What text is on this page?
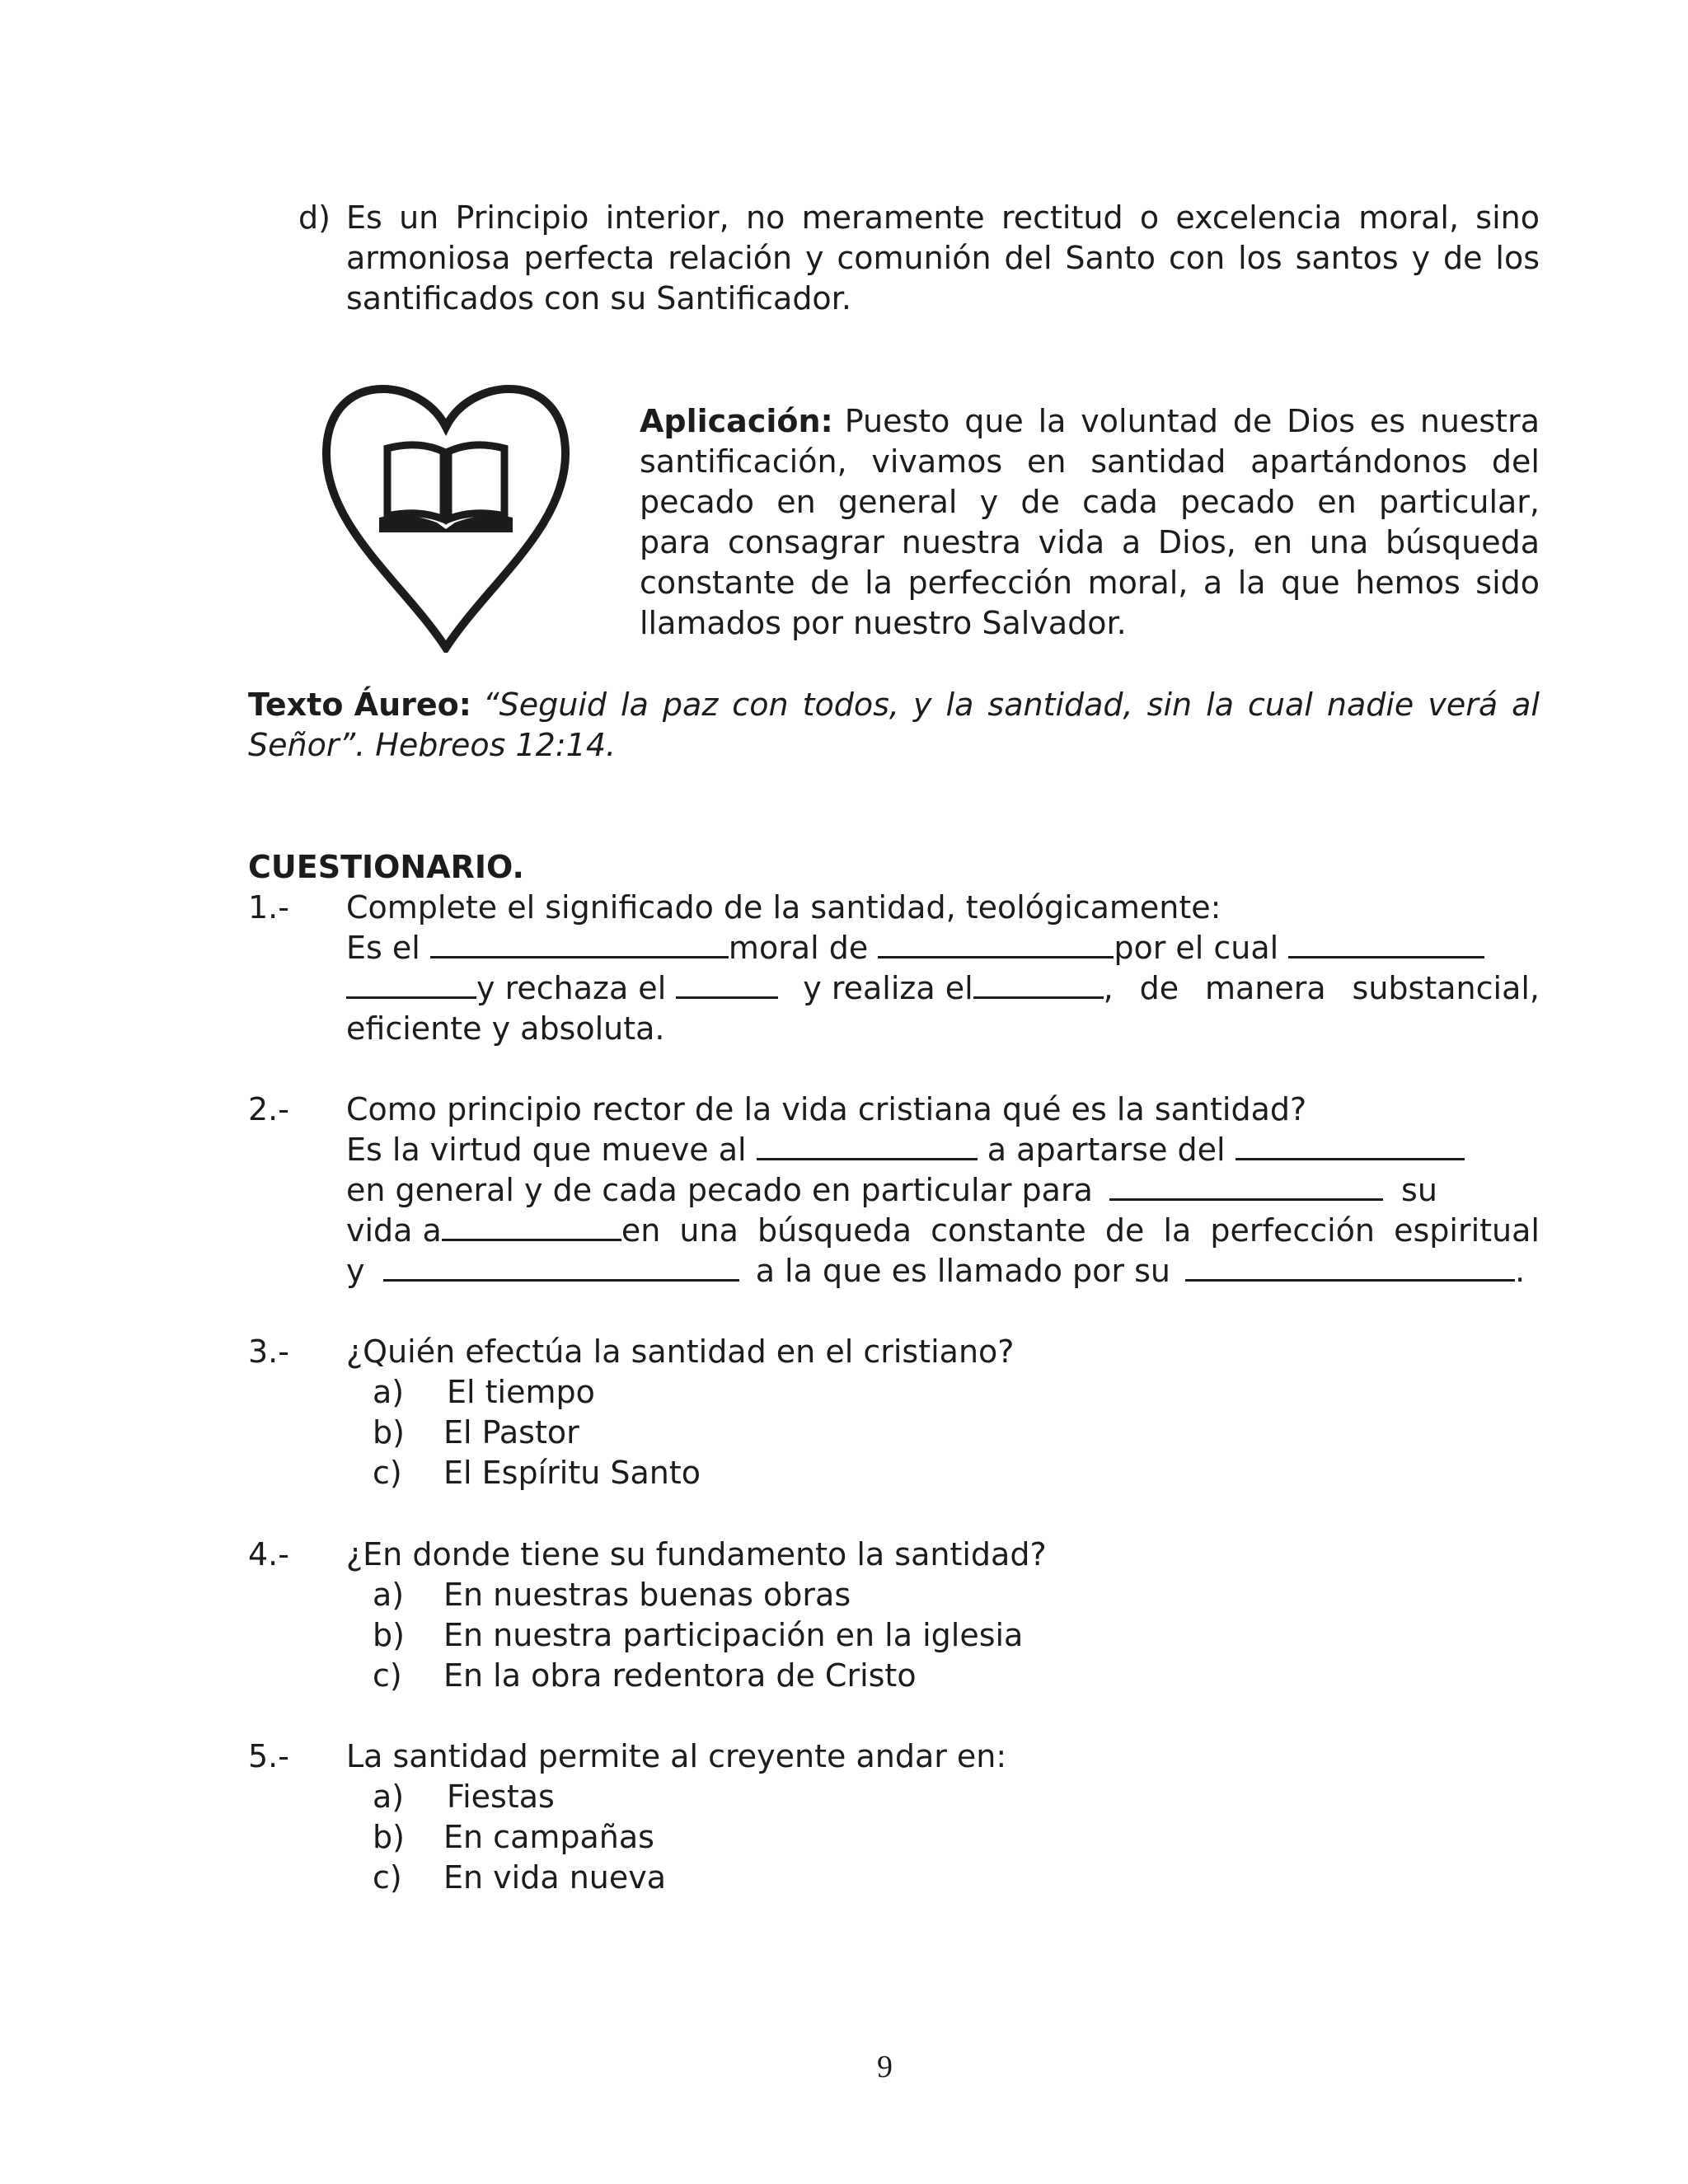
d) Es un Principio interior, no meramente rectitud o excelencia moral, sino
armoniosa perfecta relación y comunión del Santo con los santos y de los
santificados con su Santificador.
Aplicación: Puesto que la voluntad de Dios es nuestra
santificación, vivamos en santidad apartándonos del
pecado en general y de cada pecado en particular,
para consagrar nuestra vida a Dios, en una búsqueda
constante de la perfección moral, a la que hemos sido
llamados por nuestro Salvador.
Texto Áureo: “Seguid la paz con todos, y la santidad, sin la cual nadie verá al
Señor”. Hebreos 12:14.
CUESTIONARIO.
1.- Complete el significado de la santidad, teológicamente:
Es el	moral de	por el cual
y rechaza el	y realiza el	, de manera substancial,
eficiente y absoluta.
2.- Como principio rector de la vida cristiana qué es la santidad?
Es la virtud que mueve al	a apartarse del
en general y de cada pecado en particular para	su
vida a	en una búsqueda constante de la perfección espiritual
y	a la que es llamado por su	.
3.- ¿Quién efectúa la santidad en el cristiano?
a) El tiempo
b) El Pastor
c) El Espíritu Santo
4.- ¿En donde tiene su fundamento la santidad?
a) En nuestras buenas obras
b) En nuestra participación en la iglesia
c) En la obra redentora de Cristo
5.- La santidad permite al creyente andar en:
a) Fiestas
b) En campañas
c) En vida nueva
9
